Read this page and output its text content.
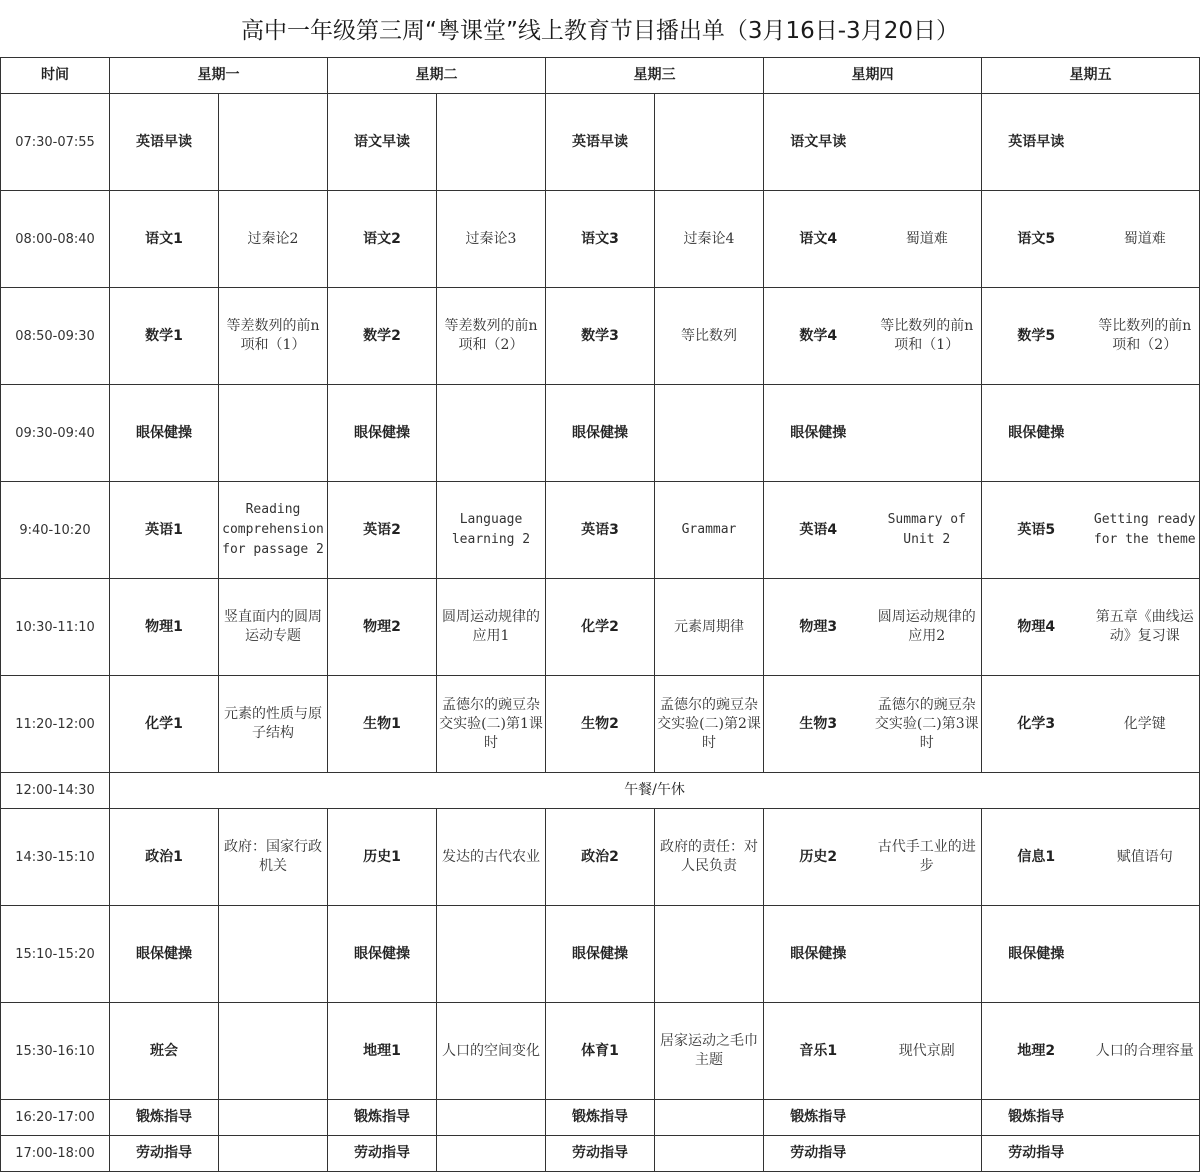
高中一年级第三周“粤课堂”线上教育节目播出单（3月16日-3月20日）
时间	星期一		星期二		星期三		星期四		星期五	
07:30-07:55	英语早读		语文早读		英语早读		语文早读		英语早读	
08:00-08:40	语文1	过秦论2	语文2	过秦论3	语文3	过秦论4	语文4	蜀道难	语文5	蜀道难
08:50-09:30	数学1	等差数列的前n项和（1）	数学2	等差数列的前n项和（2）	数学3	等比数列	数学4	等比数列的前n项和（1）	数学5	等比数列的前n项和（2）
09:30-09:40	眼保健操		眼保健操		眼保健操		眼保健操		眼保健操	
9:40-10:20	英语1	Reading comprehension for passage 2	英语2	Language learning 2	英语3	Grammar	英语4	Summary of Unit 2	英语5	Getting ready for the theme
10:30-11:10	物理1	竖直面内的圆周运动专题	物理2	圆周运动规律的应用1	化学2	元素周期律	物理3	圆周运动规律的应用2	物理4	第五章《曲线运动》复习课
11:20-12:00	化学1	元素的性质与原子结构	生物1	孟德尔的豌豆杂交实验(二)第1课时	生物2	孟德尔的豌豆杂交实验(二)第2课时	生物3	孟德尔的豌豆杂交实验(二)第3课时	化学3	化学键
12:00-14:30	午餐/午休									
14:30-15:10	政治1	政府：国家行政机关	历史1	发达的古代农业	政治2	政府的责任：对人民负责	历史2	古代手工业的进步	信息1	赋值语句
15:10-15:20	眼保健操		眼保健操		眼保健操		眼保健操		眼保健操	
15:30-16:10	班会		地理1	人口的空间变化	体育1	居家运动之毛巾主题	音乐1	现代京剧	地理2	人口的合理容量
16:20-17:00	锻炼指导		锻炼指导		锻炼指导		锻炼指导		锻炼指导	
17:00-18:00	劳动指导		劳动指导		劳动指导		劳动指导		劳动指导	
